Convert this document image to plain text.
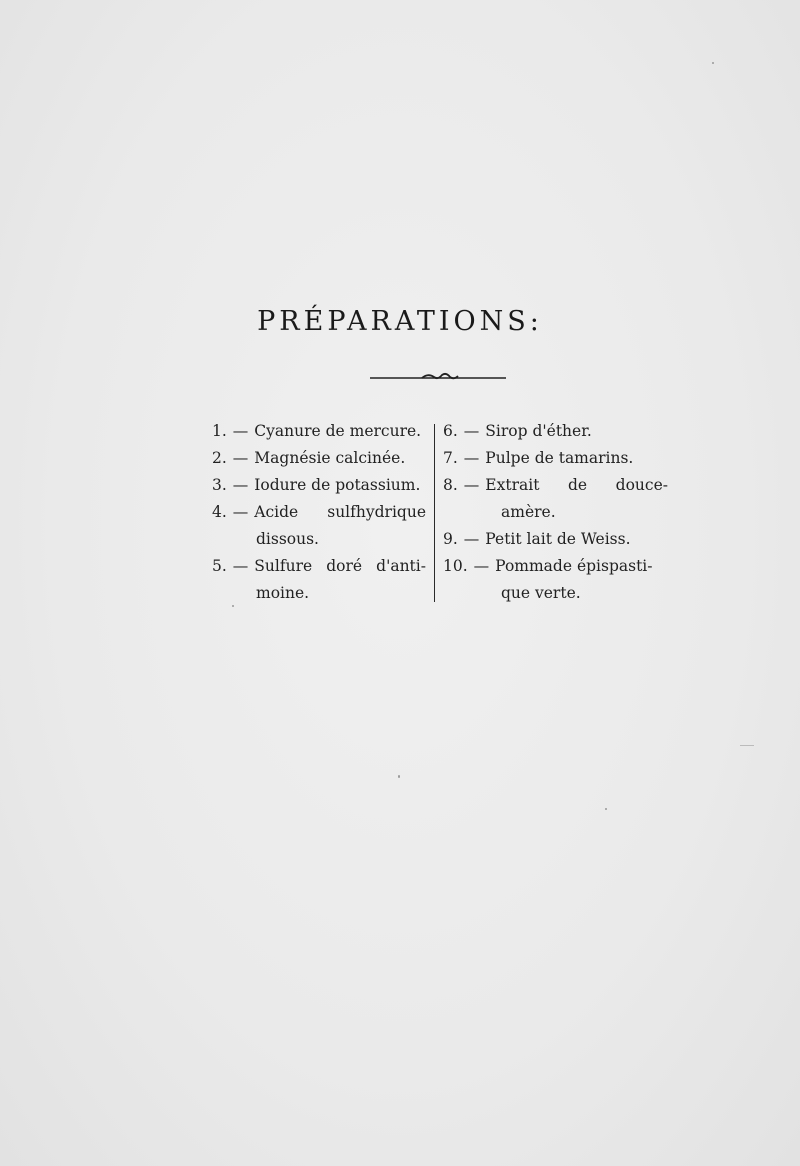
PRÉPARATIONS:
1. — Cyanure de mercure.
2. — Magnésie calcinée.
3. — Iodure de potassium.
4. — Acide sulfhydrique
dissous.
5. — Sulfure doré d'anti-
moine.
6. — Sirop d'éther.
7. — Pulpe de tamarins.
8. — Extrait de douce-
amère.
9. — Petit lait de Weiss.
10. — Pommade épispasti-
que verte.
